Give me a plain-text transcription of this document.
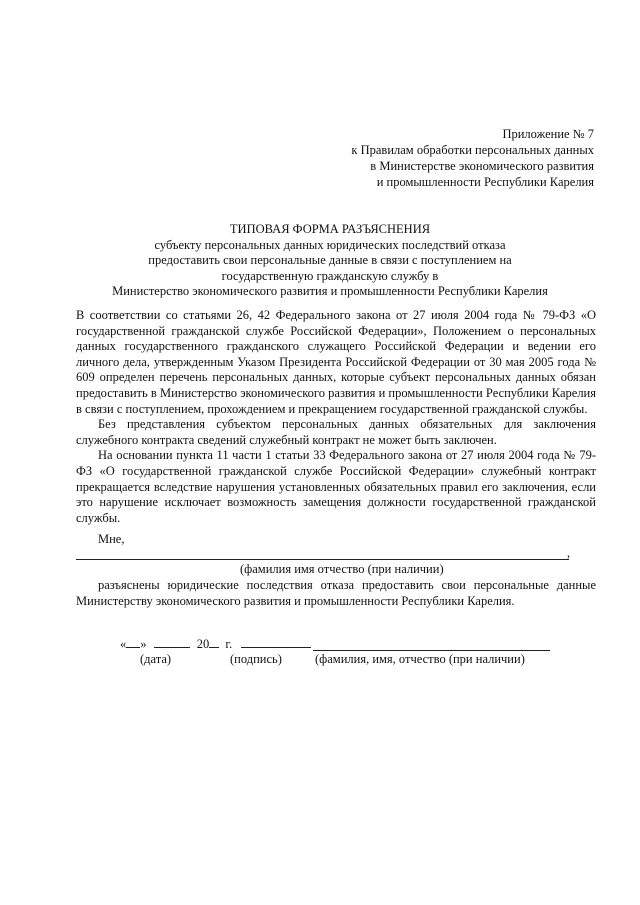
Приложение № 7
к Правилам обработки персональных данных
в Министерстве экономического развития
и промышленности Республики Карелия
ТИПОВАЯ ФОРМА РАЗЪЯСНЕНИЯ
субъекту персональных данных юридических последствий отказа
предоставить свои персональные данные в связи с поступлением на
государственную гражданскую службу в
Министерство экономического развития и промышленности Республики Карелия

В соответствии со статьями 26, 42 Федерального закона от 27 июля 2004 года № 79-ФЗ «О государственной гражданской службе Российской Федерации», Положением о персональных данных государственного гражданского служащего Российской Федерации и ведении его личного дела, утвержденным Указом Президента Российской Федерации от 30 мая 2005 года № 609 определен перечень персональных данных, которые субъект персональных данных обязан предоставить в Министерство экономического развития и промышленности Республики Карелия в связи с поступлением, прохождением и прекращением государственной гражданской службы.

Без представления субъектом персональных данных обязательных для заключения служебного контракта сведений служебный контракт не может быть заключен.

На основании пункта 11 части 1 статьи 33 Федерального закона от 27 июля 2004 года № 79-ФЗ «О государственной гражданской службе Российской Федерации» служебный контракт прекращается вследствие нарушения установленных обязательных правил его заключения, если это нарушение исключает возможность замещения должности государственной гражданской службы.

Мне,
,
(фамилия имя отчество (при наличии)

разъяснены юридические последствия отказа предоставить свои персональные данные Министерству экономического развития и промышленности Республики Карелия.

« »	20 г.
(дата)	(подпись)	(фамилия, имя, отчество (при наличии)
